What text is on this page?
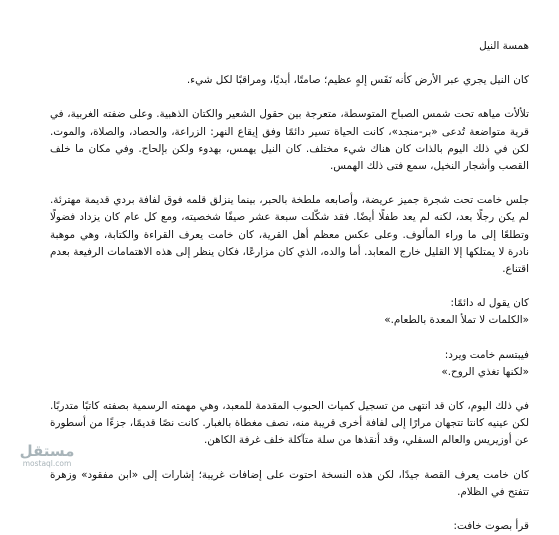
همسة النيل
كان النيل يجري عبر الأرض كأنه نَفَس إلهٍ عظيم؛ صامتًا، أبديًا، ومراقبًا لكل شيء.
تلألأت مياهه تحت شمس الصباح المتوسطة، متعرجة بين حقول الشعير والكتان الذهبية. وعلى ضفته الغربية، في قرية متواضعة تُدعى «بر-منجد»، كانت الحياة تسير دائمًا وفق إيقاع النهر: الزراعة، والحصاد، والصلاة، والموت. لكن في ذلك اليوم بالذات كان هناك شيء مختلف. كان النيل يهمس، بهدوء ولكن بإلحاح. وفي مكان ما خلف القصب وأشجار النخيل، سمع فتى ذلك الهمس.
جلس خامت تحت شجرة جميز عريضة، وأصابعه ملطخة بالحبر، بينما ينزلق قلمه فوق لفافة بردي قديمة مهترئة. لم يكن رجلًا بعد، لكنه لم يعد طفلًا أيضًا. فقد شكّلت سبعة عشر صيفًا شخصيته، ومع كل عام كان يزداد فضولًا وتطلعًا إلى ما وراء المألوف. وعلى عكس معظم أهل القرية، كان خامت يعرف القراءة والكتابة، وهي موهبة نادرة لا يمتلكها إلا القليل خارج المعابد. أما والده، الذي كان مزارعًا، فكان ينظر إلى هذه الاهتمامات الرفيعة بعدم اقتناع.
كان يقول له دائمًا:
«الكلمات لا تملأ المعدة بالطعام.»
فيبتسم خامت ويرد:
«لكنها تغذي الروح.»
في ذلك اليوم، كان قد انتهى من تسجيل كميات الحبوب المقدمة للمعبد، وهي مهمته الرسمية بصفته كاتبًا متدربًا. لكن عينيه كانتا تتجهان مرارًا إلى لفافة أخرى قريبة منه، نصف مغطاة بالغبار. كانت نصًا قديمًا، جزءًا من أسطورة عن أوزيريس والعالم السفلي، وقد أنقذها من سلة متآكلة خلف غرفة الكاهن.
كان خامت يعرف القصة جيدًا، لكن هذه النسخة احتوت على إضافات غريبة؛ إشارات إلى «ابن مفقود» وزهرة تتفتح في الظلام.
قرأ بصوت خافت:
مستقل
mostaql.com
